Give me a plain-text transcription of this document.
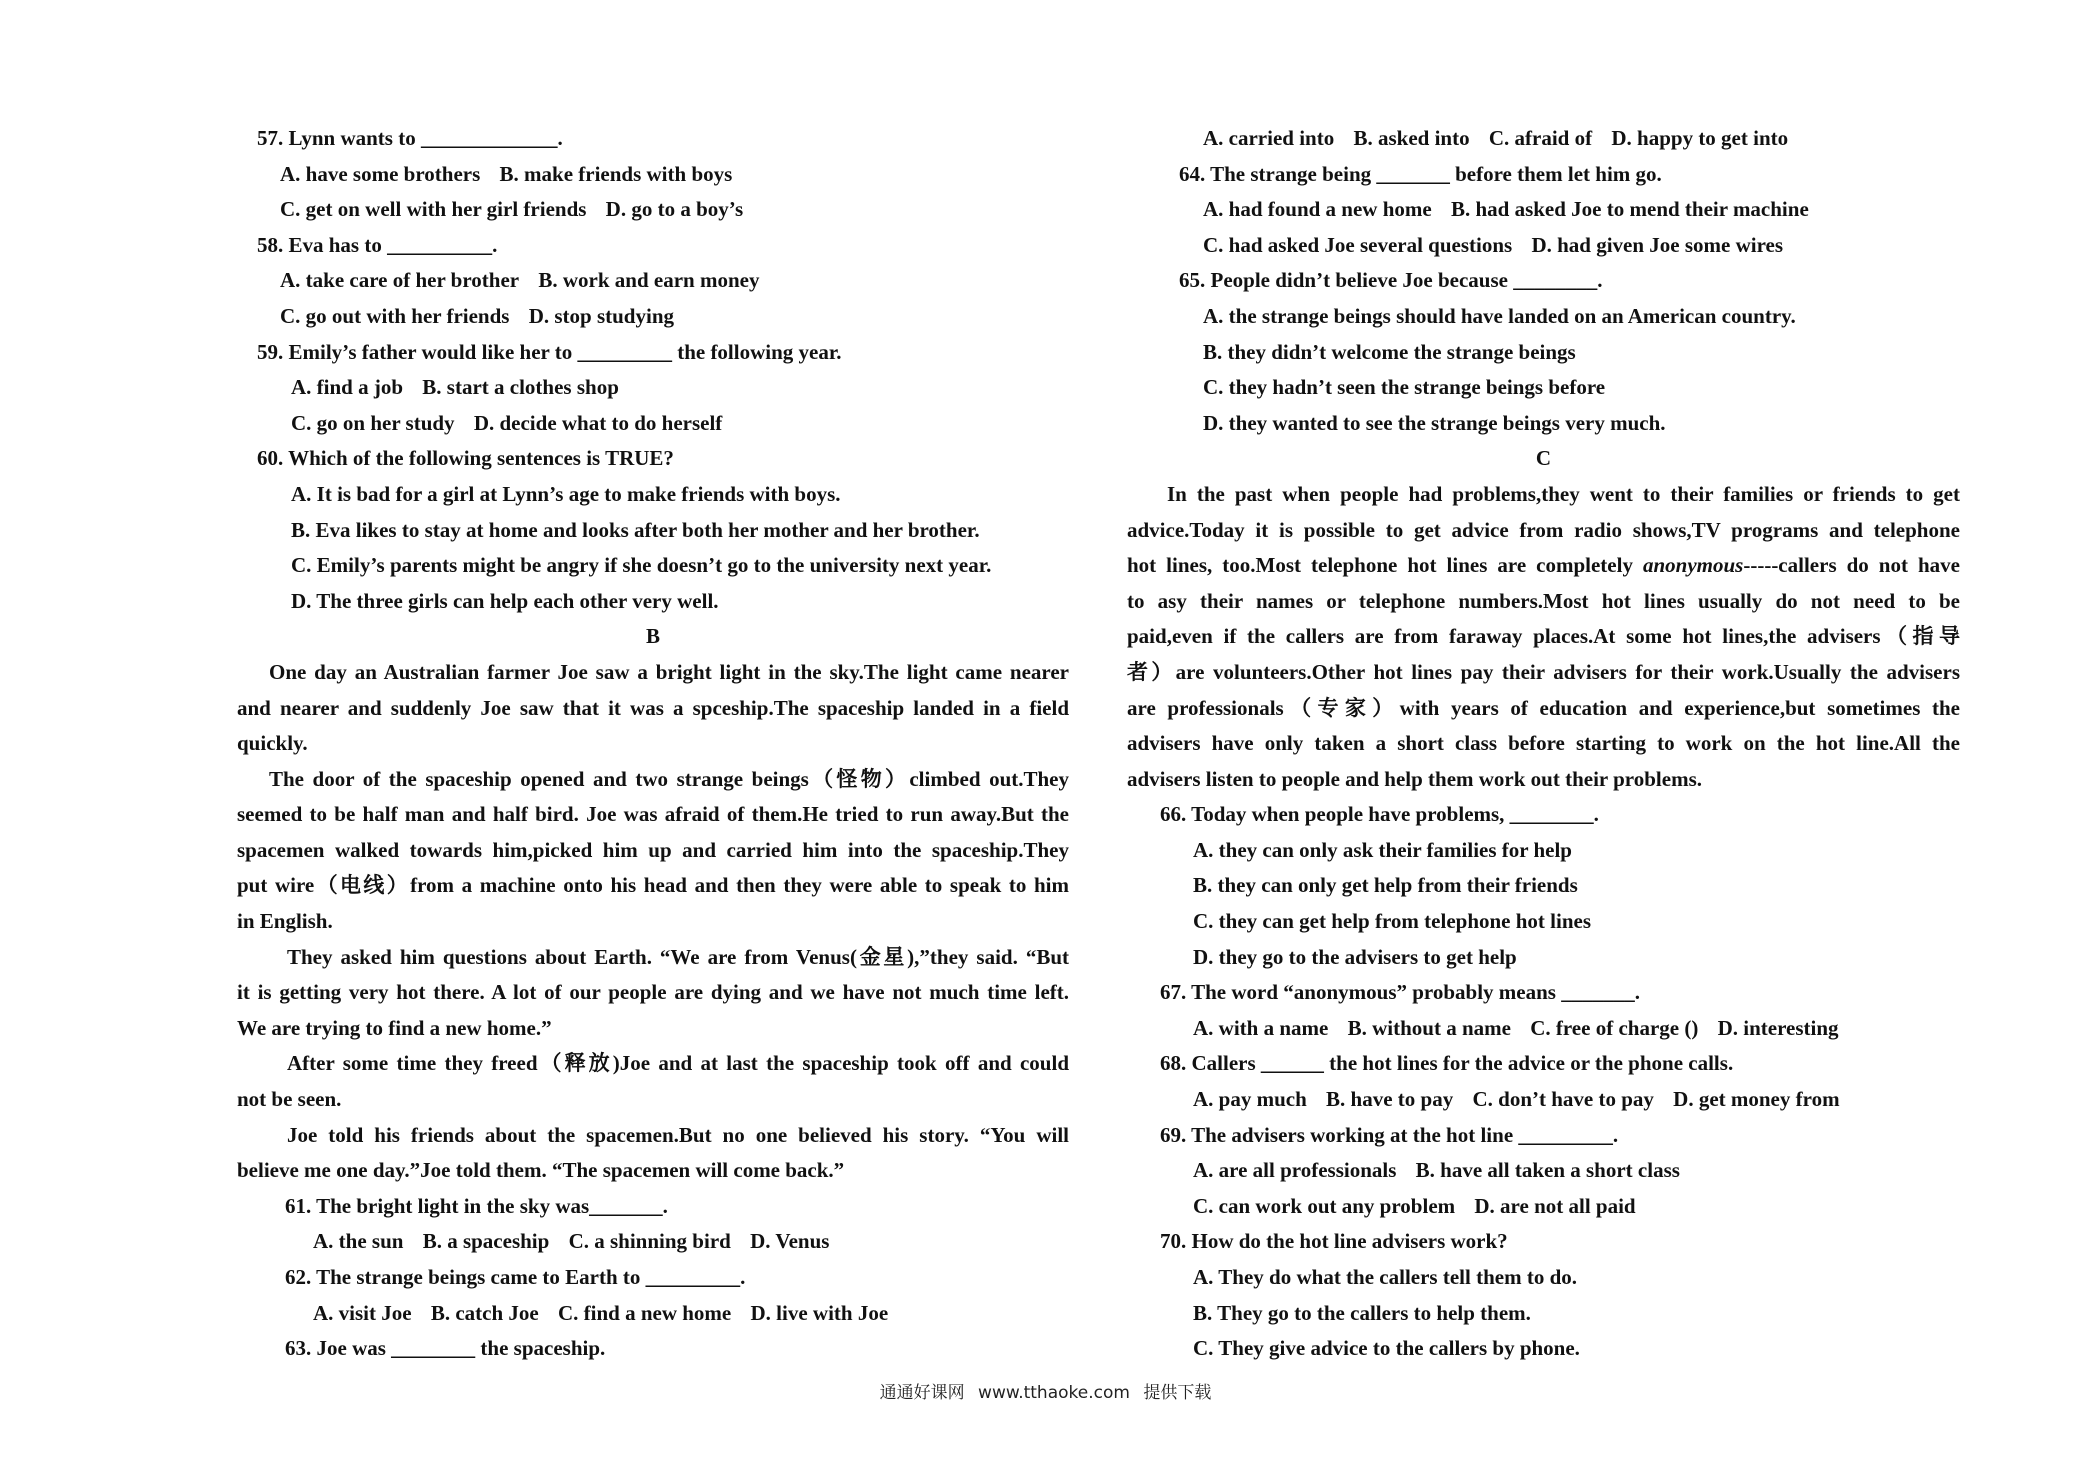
57. Lynn wants to _____________.
A. have some brothers B. make friends with boys
C. get on well with her girl friends D. go to a boy’s
58. Eva has to __________.
A. take care of her brother B. work and earn money
C. go out with her friends D. stop studying
59. Emily’s father would like her to _________ the following year.
A. find a job B. start a clothes shop
C. go on her study D. decide what to do herself
60. Which of the following sentences is TRUE?
A. It is bad for a girl at Lynn’s age to make friends with boys.
B. Eva likes to stay at home and looks after both her mother and her brother.
C. Emily’s parents might be angry if she doesn’t go to the university next year.
D. The three girls can help each other very well.
B
One day an Australian farmer Joe saw a bright light in the sky.The light came nearer
and nearer and suddenly Joe saw that it was a spceship.The spaceship landed in a field
quickly.
The door of the spaceship opened and two strange beings（怪物）climbed out.They
seemed to be half man and half bird. Joe was afraid of them.He tried to run away.But the
spacemen walked towards him,picked him up and carried him into the spaceship.They
put wire（电线）from a machine onto his head and then they were able to speak to him
in English.
They asked him questions about Earth. “We are from Venus(金星),”they said. “But
it is getting very hot there. A lot of our people are dying and we have not much time left.
We are trying to find a new home.”
After some time they freed（释放)Joe and at last the spaceship took off and could
not be seen.
Joe told his friends about the spacemen.But no one believed his story. “You will
believe me one day.”Joe told them. “The spacemen will come back.”
61. The bright light in the sky was_______.
A. the sun B. a spaceship C. a shinning bird D. Venus
62. The strange beings came to Earth to _________.
A. visit Joe B. catch Joe C. find a new home D. live with Joe
63. Joe was ________ the spaceship.
A. carried into B. asked into C. afraid of D. happy to get into
64. The strange being _______ before them let him go.
A. had found a new home B. had asked Joe to mend their machine
C. had asked Joe several questions D. had given Joe some wires
65. People didn’t believe Joe because ________.
A. the strange beings should have landed on an American country.
B. they didn’t welcome the strange beings
C. they hadn’t seen the strange beings before
D. they wanted to see the strange beings very much.
C
In the past when people had problems,they went to their families or friends to get
advice.Today it is possible to get advice from radio shows,TV programs and telephone
hot lines, too.Most telephone hot lines are completely anonymous-----callers do not have
to asy their names or telephone numbers.Most hot lines usually do not need to be
paid,even if the callers are from faraway places.At some hot lines,the advisers（指导
者）are volunteers.Other hot lines pay their advisers for their work.Usually the advisers
are professionals（专家）with years of education and experience,but sometimes the
advisers have only taken a short class before starting to work on the hot line.All the
advisers listen to people and help them work out their problems.
66. Today when people have problems, ________.
A. they can only ask their families for help
B. they can only get help from their friends
C. they can get help from telephone hot lines
D. they go to the advisers to get help
67. The word “anonymous” probably means _______.
A. with a name B. without a name C. free of charge () D. interesting
68. Callers ______ the hot lines for the advice or the phone calls.
A. pay much B. have to pay C. don’t have to pay D. get money from
69. The advisers working at the hot line _________.
A. are all professionals B. have all taken a short class
C. can work out any problem D. are not all paid
70. How do the hot line advisers work?
A. They do what the callers tell them to do.
B. They go to the callers to help them.
C. They give advice to the callers by phone.
通通好课网 www.tthaoke.com 提供下载
